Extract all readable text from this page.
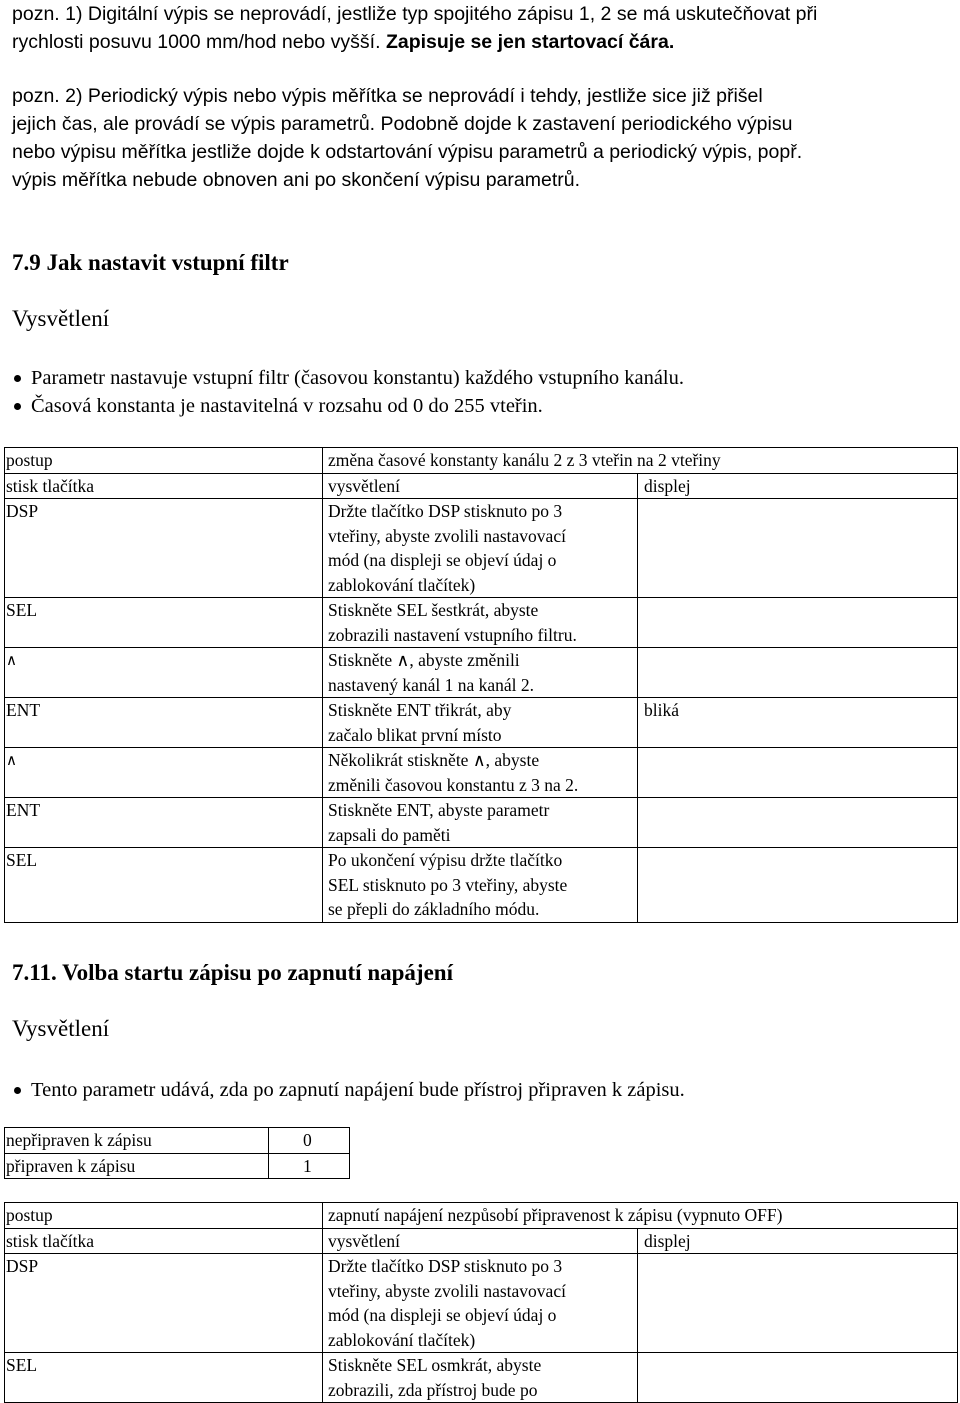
pozn. 1) Digitální výpis se neprovádí, jestliže typ spojitého zápisu 1, 2 se má uskutečňovat při
rychlosti posuvu 1000 mm/hod nebo vyšší. Zapisuje se jen startovací čára.
pozn. 2) Periodický výpis nebo výpis měřítka se neprovádí i tehdy, jestliže sice již přišel
jejich čas, ale provádí se výpis parametrů. Podobně dojde k zastavení periodického výpisu
nebo výpisu měřítka jestliže dojde k odstartování výpisu parametrů a periodický výpis, popř.
výpis měřítka nebude obnoven ani po skončení výpisu parametrů.
7.9 Jak nastavit vstupní filtr
Vysvětlení
Parametr nastavuje vstupní filtr (časovou konstantu) každého vstupního kanálu.
Časová konstanta je nastavitelná v rozsahu od 0 do 255 vteřin.
postup	změna časové konstanty kanálu 2 z 3 vteřin na 2 vteřiny	
stisk tlačítka	vysvětlení	displej
DSP	Držte tlačítko DSP stisknuto po 3
vteřiny, abyste zvolili nastavovací
mód (na displeji se objeví údaj o
zablokování tlačítek)	

SEL	Stiskněte SEL šestkrát, abyste
zobrazili nastavení vstupního filtru.	

∧	Stiskněte ∧, abyste změnili
nastavený kanál 1 na kanál 2.	

ENT	Stiskněte ENT třikrát, aby
začalo blikat první místo	bliká
∧	Několikrát stiskněte ∧, abyste
změnili časovou konstantu z 3 na 2.	

ENT	Stiskněte ENT, abyste parametr
zapsali do paměti	

SEL	Po ukončení výpisu držte tlačítko
SEL stisknuto po 3 vteřiny, abyste
se přepli do základního módu.	

7.11. Volba startu zápisu po zapnutí napájení
Vysvětlení
Tento parametr udává, zda po zapnutí napájení bude přístroj připraven k zápisu.
nepřipraven k zápisu	0
připraven k zápisu	1
postup	zapnutí napájení nezpůsobí připravenost k zápisu (vypnuto OFF)	
stisk tlačítka	vysvětlení	displej
DSP	Držte tlačítko DSP stisknuto po 3
vteřiny, abyste zvolili nastavovací
mód (na displeji se objeví údaj o
zablokování tlačítek)	

SEL	Stiskněte SEL osmkrát, abyste
zobrazili, zda přístroj bude po	
